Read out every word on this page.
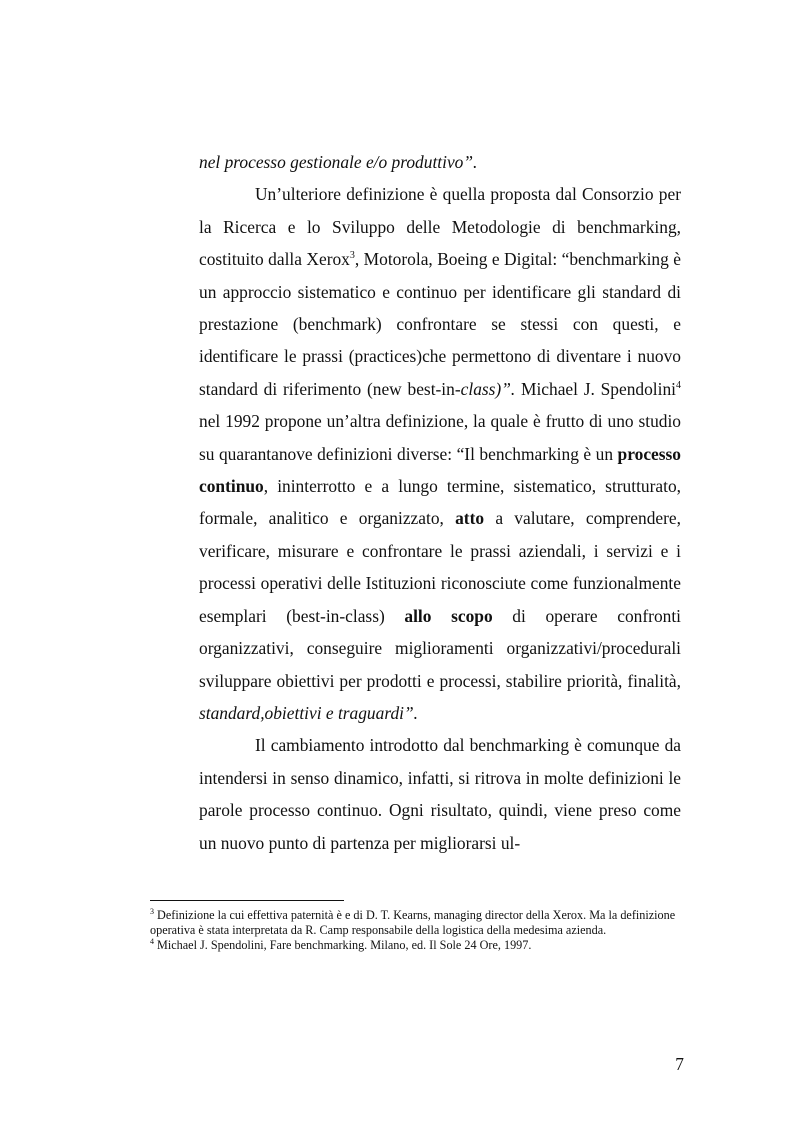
nel processo gestionale e/o produttivo”.

Un’ulteriore definizione è quella proposta dal Consorzio per la Ricerca e lo Sviluppo delle Metodologie di benchmarking, costituito dalla Xerox$^3$, Motorola, Boeing e Digital: “benchmarking è un approccio sistematico e continuo per identificare gli standard di prestazione (benchmark) confrontare se stessi con questi, e identificare le prassi (practices)che permettono di diventare i nuovo standard di riferimento (new best-in-class)”. Michael J. Spendolini$^4$ nel 1992 propone un’altra definizione, la quale è frutto di uno studio su quarantanove definizioni diverse: “Il benchmarking è un processo continuo, ininterrotto e a lungo termine, sistematico, strutturato, formale, analitico e organizzato, atto a valutare, comprendere, verificare, misurare e confrontare le prassi aziendali, i servizi e i processi operativi delle Istituzioni riconosciute come funzionalmente esemplari (best-in-class) allo scopo di operare confronti organizzativi, conseguire miglioramenti organizzativi/procedurali sviluppare obiettivi per prodotti e processi, stabilire priorità, finalità, standard,obiettivi e traguardi”.

Il cambiamento introdotto dal benchmarking è comunque da intendersi in senso dinamico, infatti, si ritrova in molte definizioni le parole processo continuo. Ogni risultato, quindi, viene preso come un nuovo punto di partenza per migliorarsi ul-

$^3$ Definizione la cui effettiva paternità è e di D. T. Kearns, managing director della Xerox. Ma la definizione operativa è stata interpretata da R. Camp responsabile della logistica della medesima azienda.

$^4$ Michael J. Spendolini, Fare benchmarking. Milano, ed. Il Sole 24 Ore, 1997.

7
